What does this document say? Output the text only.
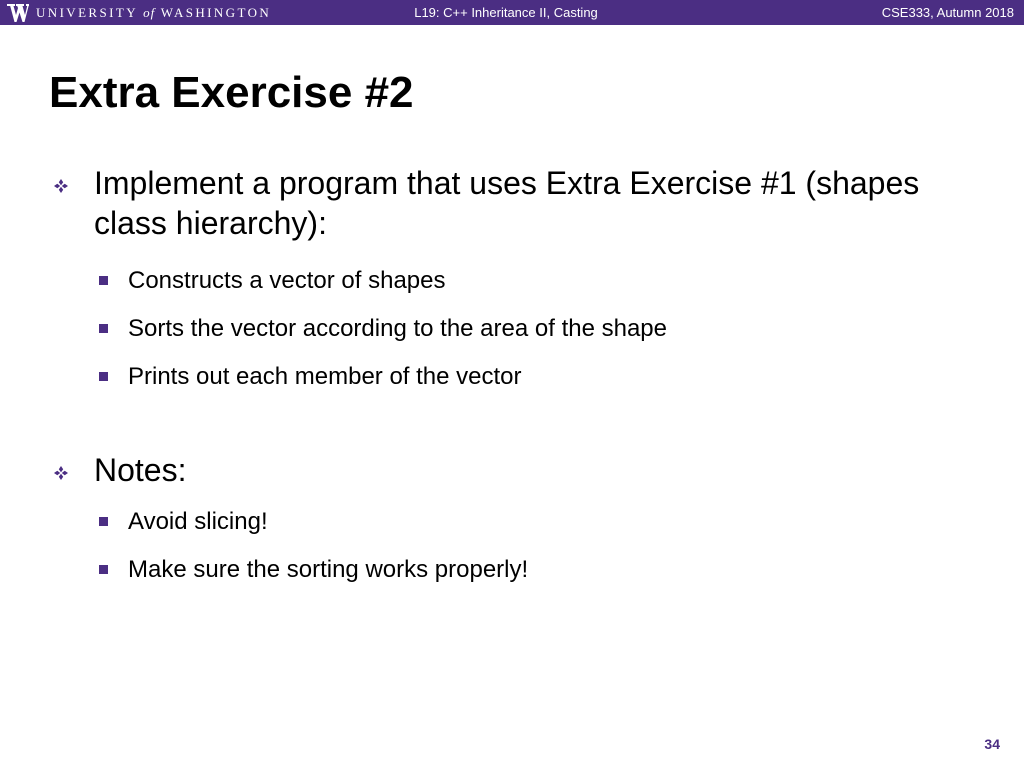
UNIVERSITY of WASHINGTON	L19: C++ Inheritance II, Casting	CSE333, Autumn 2018
Extra Exercise #2
Implement a program that uses Extra Exercise #1 (shapes class hierarchy):
Constructs a vector of shapes
Sorts the vector according to the area of the shape
Prints out each member of the vector
Notes:
Avoid slicing!
Make sure the sorting works properly!
34
